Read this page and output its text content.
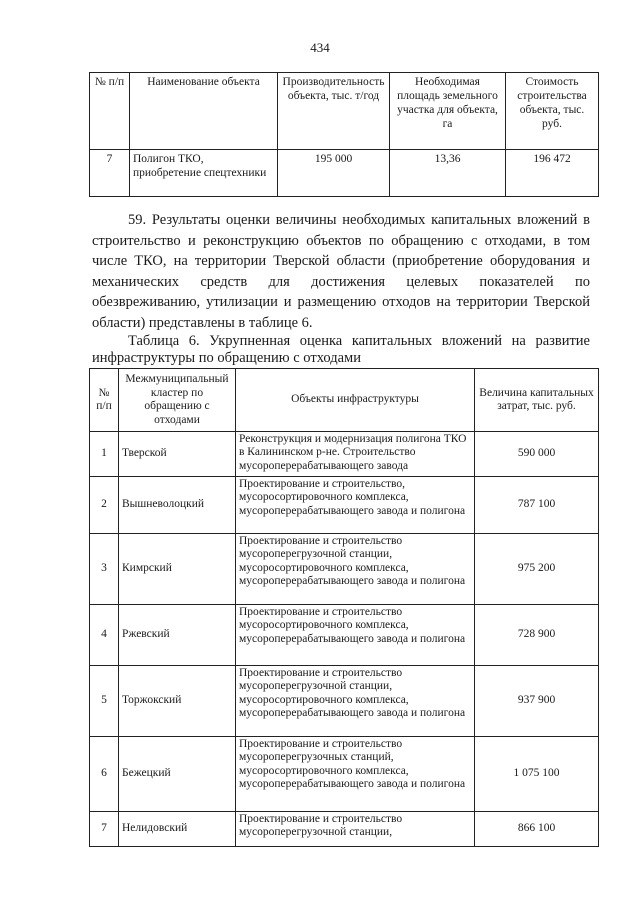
434
№ п/п	Наименование объекта	Производительность объекта, тыс. т/год	Необходимая площадь земельного участка для объекта, га	Стоимость строительства объекта, тыс. руб.
7	Полигон ТКО, приобретение спецтехники	195 000	13,36	196 472
59. Результаты оценки величины необходимых капитальных вложений в строительство и реконструкцию объектов по обращению с отходами, в том числе ТКО, на территории Тверской области (приобретение оборудования и механических средств для достижения целевых показателей по обезвреживанию, утилизации и размещению отходов на территории Тверской области) представлены в таблице 6.
Таблица 6. Укрупненная оценка капитальных вложений на развитие инфраструктуры по обращению с отходами
№ п/п	Межмуниципальный кластер по обращению с отходами	Объекты инфраструктуры	Величина капитальных затрат, тыс. руб.
1	Тверской	Реконструкция и модернизация полигона ТКО в Калининском р-не. Строительство мусороперерабатывающего завода	590 000
2	Вышневолоцкий	Проектирование и строительство, мусоросортировочного комплекса, мусороперерабатывающего завода и полигона	787 100
3	Кимрский	Проектирование и строительство мусороперегрузочной станции, мусоросортировочного комплекса, мусороперерабатывающего завода и полигона	975 200
4	Ржевский	Проектирование и строительство мусоросортировочного комплекса, мусороперерабатывающего завода и полигона	728 900
5	Торжокский	Проектирование и строительство мусороперегрузочной станции, мусоросортировочного комплекса, мусороперерабатывающего завода и полигона	937 900
6	Бежецкий	Проектирование и строительство мусороперегрузочных станций, мусоросортировочного комплекса, мусороперерабатывающего завода и полигона	1 075 100
7	Нелидовский	Проектирование и строительство мусороперегрузочной станции,	866 100
